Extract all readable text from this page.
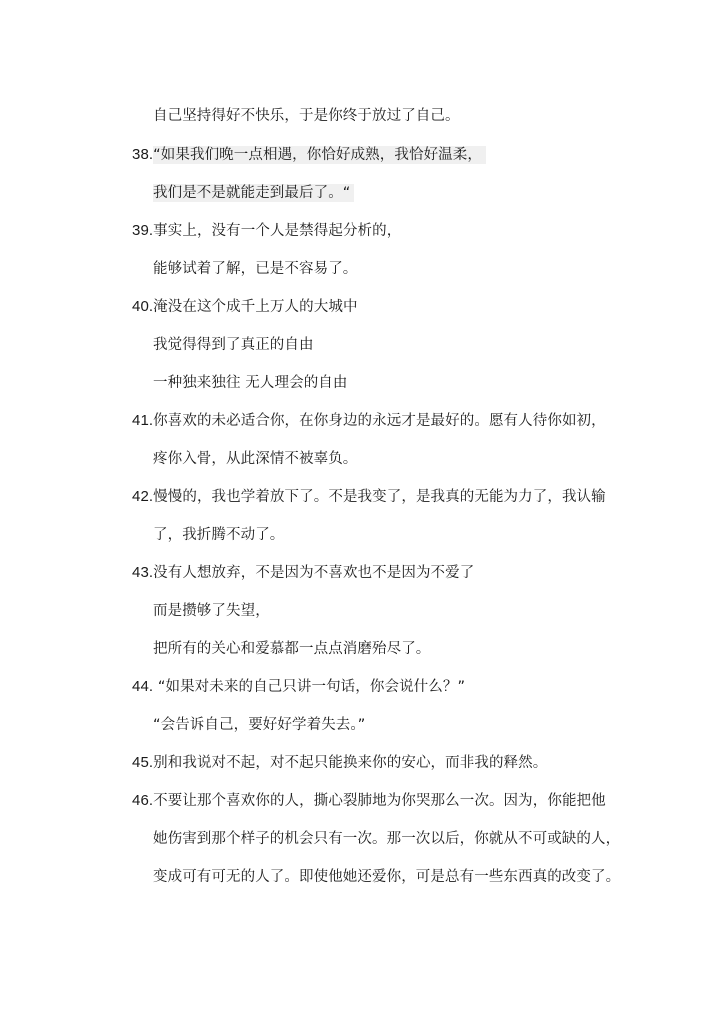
自己坚持得好不快乐，于是你终于放过了自己。
38.“如果我们晚一点相遇，你恰好成熟，我恰好温柔，
我们是不是就能走到最后了。“
39.事实上，没有一个人是禁得起分析的，
能够试着了解，已是不容易了。
40.淹没在这个成千上万人的大城中
我觉得得到了真正的自由
一种独来独往 无人理会的自由
41.你喜欢的未必适合你，在你身边的永远才是最好的。愿有人待你如初，
疼你入骨，从此深情不被辜负。
42.慢慢的，我也学着放下了。不是我变了，是我真的无能为力了，我认输
了，我折腾不动了。
43.没有人想放弃，不是因为不喜欢也不是因为不爱了
而是攒够了失望，
把所有的关心和爱慕都一点点消磨殆尽了。
44. “如果对未来的自己只讲一句话，你会说什么？”
“会告诉自己，要好好学着失去。”
45.别和我说对不起，对不起只能换来你的安心，而非我的释然。
46.不要让那个喜欢你的人，撕心裂肺地为你哭那么一次。因为，你能把他
她伤害到那个样子的机会只有一次。那一次以后，你就从不可或缺的人，
变成可有可无的人了。即使他她还爱你，可是总有一些东西真的改变了。
